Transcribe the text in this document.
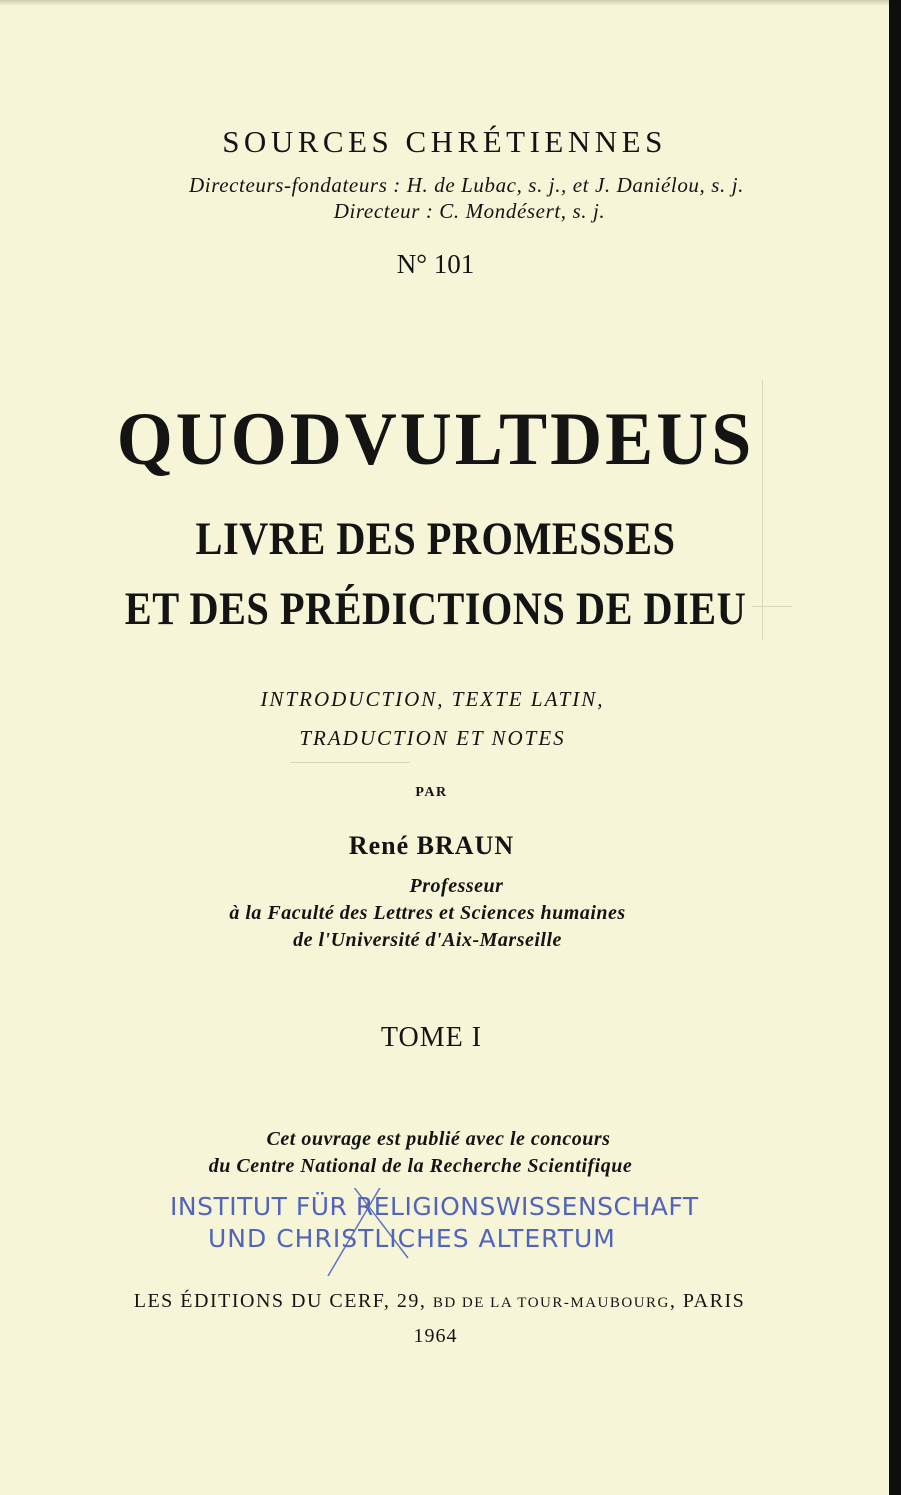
SOURCES CHRÉTIENNES
Directeurs-fondateurs : H. de Lubac, s. j., et J. Daniélou, s. j.
Directeur : C. Mondésert, s. j.
N° 101
QUODVULTDEUS
LIVRE DES PROMESSES
ET DES PRÉDICTIONS DE DIEU
INTRODUCTION, TEXTE LATIN,
TRADUCTION ET NOTES
PAR
René BRAUN
Professeur
à la Faculté des Lettres et Sciences humaines
de l'Université d'Aix-Marseille
TOME I
Cet ouvrage est publié avec le concours
du Centre National de la Recherche Scientifique
INSTITUT FÜR RELIGIONSWISSENSCHAFT
UND CHRISTLICHES ALTERTUM
LES ÉDITIONS DU CERF, 29, BD DE LA TOUR-MAUBOURG, PARIS
1964
